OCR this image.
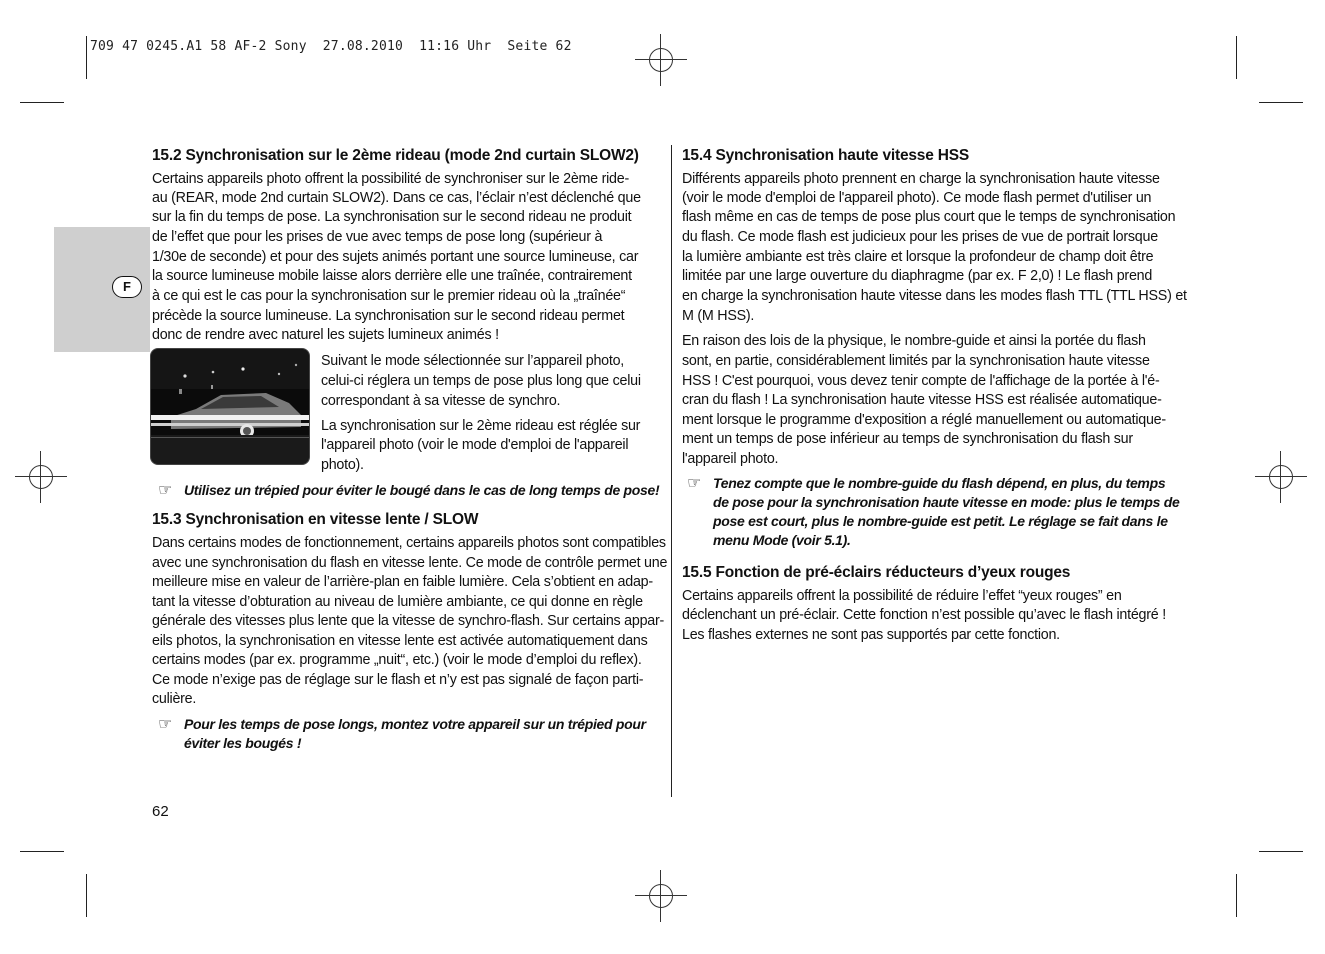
709 47 0245.A1 58 AF-2 Sony  27.08.2010  11:16 Uhr  Seite 62
F
15.2 Synchronisation sur le 2ème rideau (mode 2nd curtain SLOW2)
Certains appareils photo offrent la possibilité de synchroniser sur le 2ème ride-
au (REAR, mode 2nd curtain SLOW2). Dans ce cas, l’éclair n’est déclenché que
sur la fin du temps de pose. La synchronisation sur le second rideau ne produit
de l’effet que pour les prises de vue avec temps de pose long (supérieur à
1/30e de seconde) et pour des sujets animés portant une source lumineuse, car
la source lumineuse mobile laisse alors derrière elle une traînée, contrairement
à ce qui est le cas pour la synchronisation sur le premier rideau où la „traînée“
précède la source lumineuse. La synchronisation sur le second rideau permet
donc de rendre avec naturel les sujets lumineux animés !
Suivant le mode sélectionnée sur l’appareil photo,
celui-ci réglera un temps de pose plus long que celui
correspondant à sa vitesse de synchro.
La synchronisation sur le 2ème rideau est réglée sur
l'appareil photo (voir le mode d'emploi de l'appareil
photo).
☞ Utilisez un trépied pour éviter le bougé dans le cas de long temps de pose!
15.3 Synchronisation en vitesse lente / SLOW
Dans certains modes de fonctionnement, certains appareils photos sont compatibles
avec une synchronisation du flash en vitesse lente. Ce mode de contrôle permet une
meilleure mise en valeur de l’arrière-plan en faible lumière. Cela s’obtient en adap-
tant la vitesse d’obturation au niveau de lumière ambiante, ce qui donne en règle
générale des vitesses plus lente que la vitesse de synchro-flash. Sur certains appar-
eils photos, la synchronisation en vitesse lente est activée automatiquement dans
certains modes (par ex. programme „nuit“, etc.) (voir le mode d’emploi du reflex).
Ce mode n’exige pas de réglage sur le flash et n’y est pas signalé de façon parti-
culière.
☞ Pour les temps de pose longs, montez votre appareil sur un trépied pour
éviter les bougés !
62
15.4 Synchronisation haute vitesse HSS
Différents appareils photo prennent en charge la synchronisation haute vitesse
(voir le mode d'emploi de l'appareil photo). Ce mode flash permet d'utiliser un
flash même en cas de temps de pose plus court que le temps de synchronisation
du flash. Ce mode flash est judicieux pour les prises de vue de portrait lorsque
la lumière ambiante est très claire et lorsque la profondeur de champ doit être
limitée par une large ouverture du diaphragme (par ex. F 2,0) ! Le flash prend
en charge la synchronisation haute vitesse dans les modes flash TTL (TTL HSS) et
M (M HSS).
En raison des lois de la physique, le nombre-guide et ainsi la portée du flash
sont, en partie, considérablement limités par la synchronisation haute vitesse
HSS ! C'est pourquoi, vous devez tenir compte de l'affichage de la portée à l'é-
cran du flash ! La synchronisation haute vitesse HSS est réalisée automatique-
ment lorsque le programme d'exposition a réglé manuellement ou automatique-
ment un temps de pose inférieur au temps de synchronisation du flash sur
l'appareil photo.
☞ Tenez compte que le nombre-guide du flash dépend, en plus, du temps
de pose pour la synchronisation haute vitesse en mode: plus le temps de
pose est court, plus le nombre-guide est petit. Le réglage se fait dans le
menu Mode (voir 5.1).
15.5 Fonction de pré-éclairs réducteurs d’yeux rouges
Certains appareils offrent la possibilité de réduire l’effet “yeux rouges” en
déclenchant un pré-éclair. Cette fonction n’est possible qu’avec le flash intégré !
Les flashes externes ne sont pas supportés par cette fonction.
